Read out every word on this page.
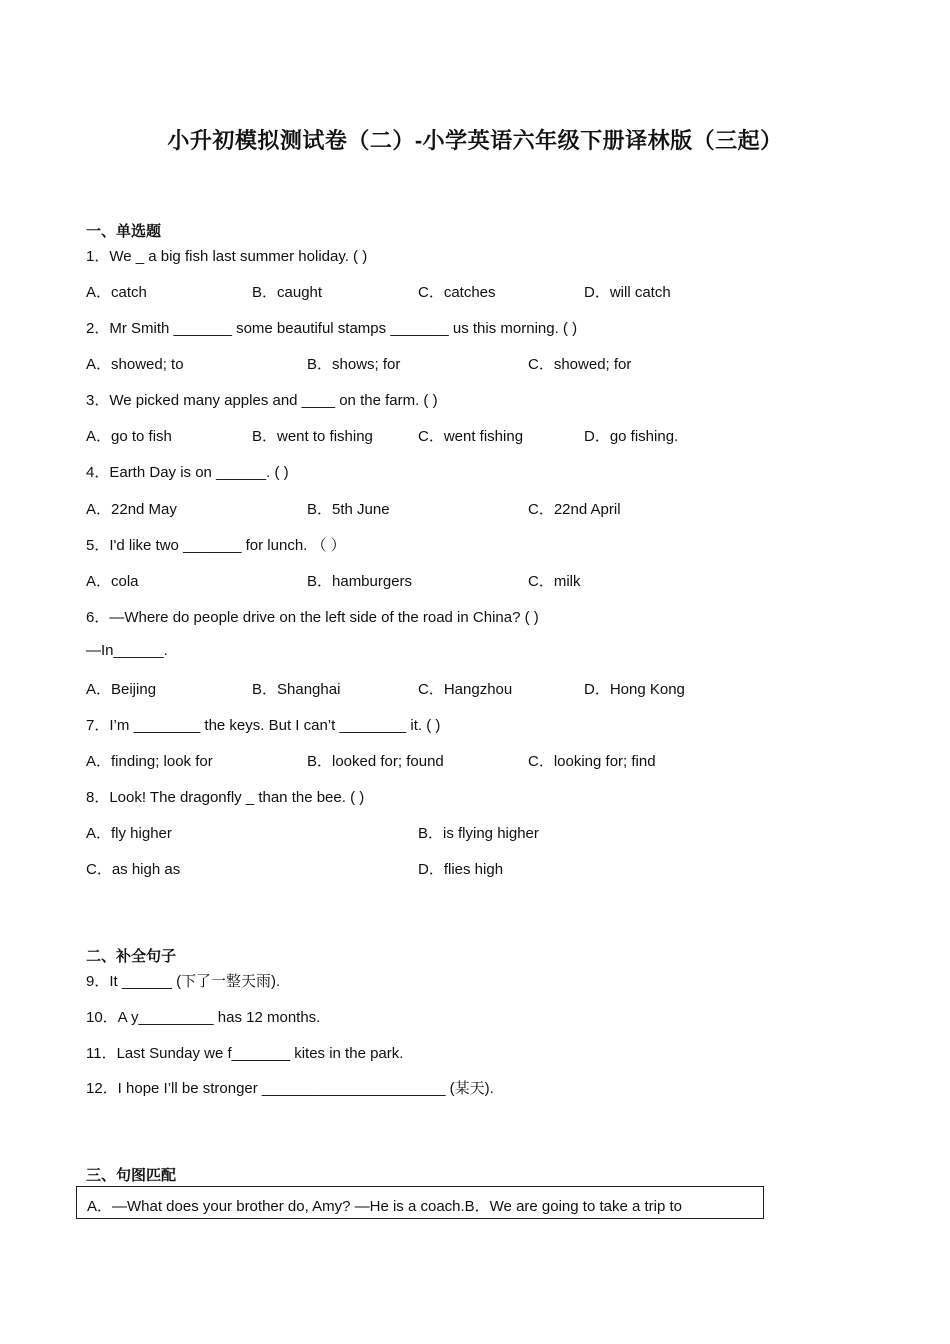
小升初模拟测试卷（二）-小学英语六年级下册译林版（三起）
一、单选题
1．We _ a big fish last summer holiday. ( )
A．catch	B．caught	C．catches	D．will catch
2．Mr Smith _______ some beautiful stamps _______ us this morning. ( )
A．showed; to	B．shows; for	C．showed; for
3．We picked many apples and ____ on the farm. ( )
A．go to fish	B．went to fishing	C．went fishing	D．go fishing.
4．Earth Day is on ______. ( )
A．22nd May	B．5th June	C．22nd April
5．I'd like two _______ for lunch. （ ）
A．cola	B．hamburgers	C．milk
6．—Where do people drive on the left side of the road in China? ( )
—In______.
A．Beijing	B．Shanghai	C．Hangzhou	D．Hong Kong
7．I’m ________ the keys. But I can’t ________ it. ( )
A．finding; look for	B．looked for; found	C．looking for; find
8．Look! The dragonfly _ than the bee. ( )
A．fly higher	B．is flying higher
C．as high as	D．flies high
二、补全句子
9．It ______ (下了一整天雨).
10．A y_________ has 12 months.
11．Last Sunday we f_______ kites in the park.
12．I hope I’ll be stronger ______________________ (某天).
三、句图匹配
A．—What does your brother do, Amy? —He is a coach.B．We are going to take a trip to
